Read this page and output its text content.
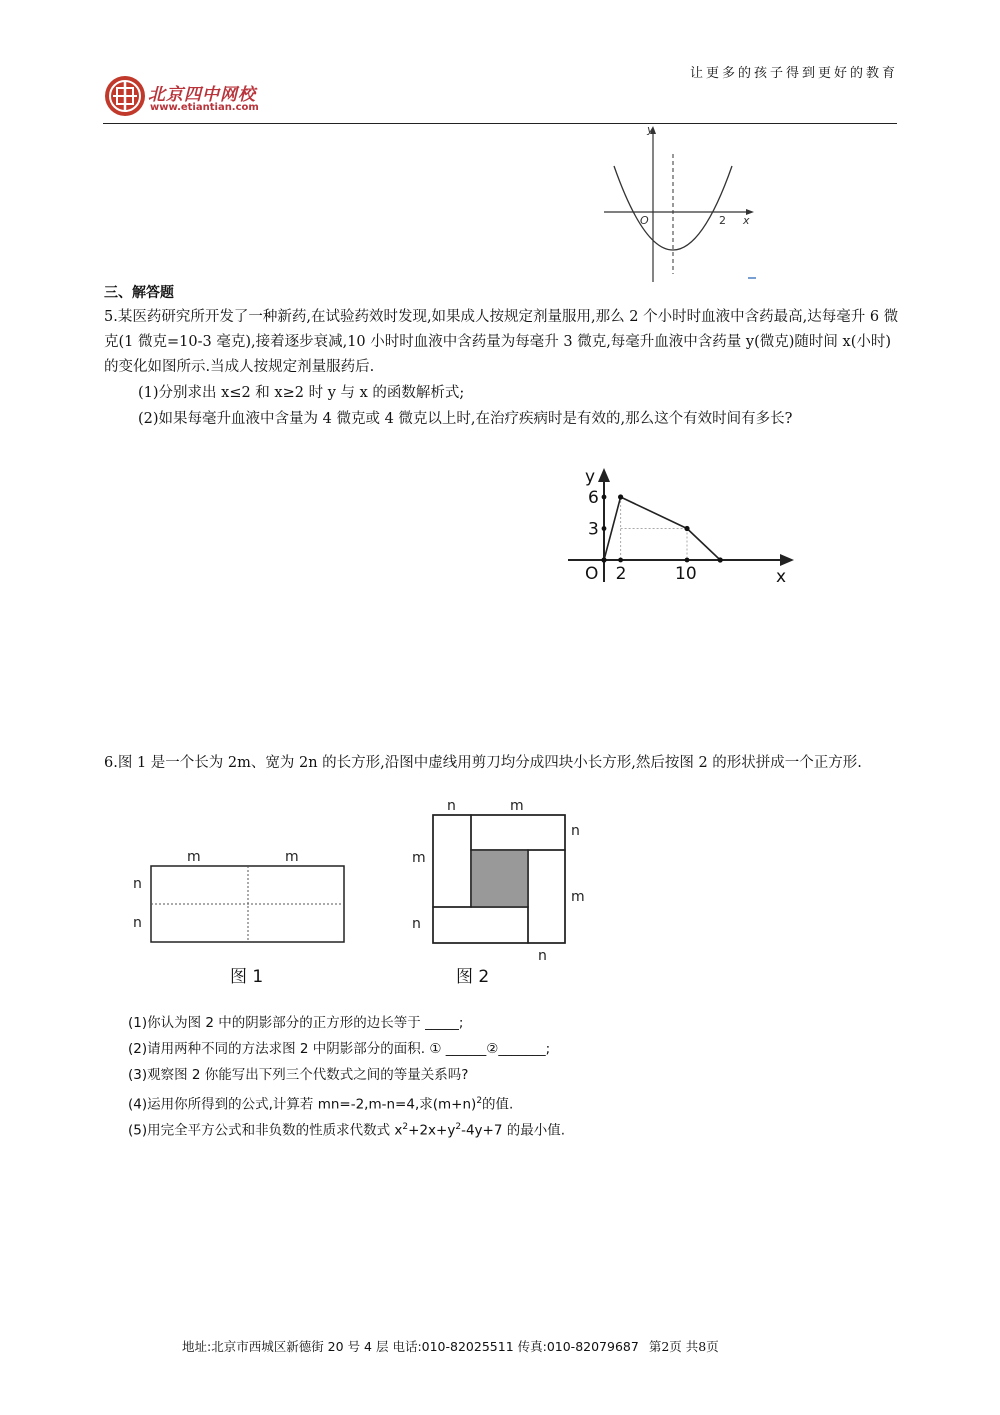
北京四中网校
www.etiantian.com
让更多的孩子得到更好的教育
y
x
O	2
三、解答题
5.某医药研究所开发了一种新药,在试验药效时发现,如果成人按规定剂量服用,那么 2 个小时时血液中含药最高,达每毫升 6 微克(1 微克=10-3 毫克),接着逐步衰减,10 小时时血液中含药量为每毫升 3 微克,每毫升血液中含药量 y(微克)随时间 x(小时)的变化如图所示.当成人按规定剂量服药后.
(1)分别求出 x≤2 和 x≥2 时 y 与 x 的函数解析式;
(2)如果每毫升血液中含量为 4 微克或 4 微克以上时,在治疗疾病时是有效的,那么这个有效时间有多长?
2	10
3
6
O	x
y
6.图 1 是一个长为 2m、宽为 2n 的长方形,沿图中虚线用剪刀均分成四块小长方形,然后按图 2 的形状拼成一个正方形.
m	m
n
n
图 1
n	m
n
m
m
n
n
图 2
(1)你认为图 2 中的阴影部分的正方形的边长等于 _____;
(2)请用两种不同的方法求图 2 中阴影部分的面积. ① ______②_______;
(3)观察图 2 你能写出下列三个代数式之间的等量关系吗?
(4)运用你所得到的公式,计算若 mn=-2,m-n=4,求$(m+n)^2$的值.
(5)用完全平方公式和非负数的性质求代数式 $x^2+2x+y^2-4y+7$ 的最小值.
地址:北京市西城区新德街 20 号 4 层 电话:010-82025511 传真:010-82079687 第2页 共8页
